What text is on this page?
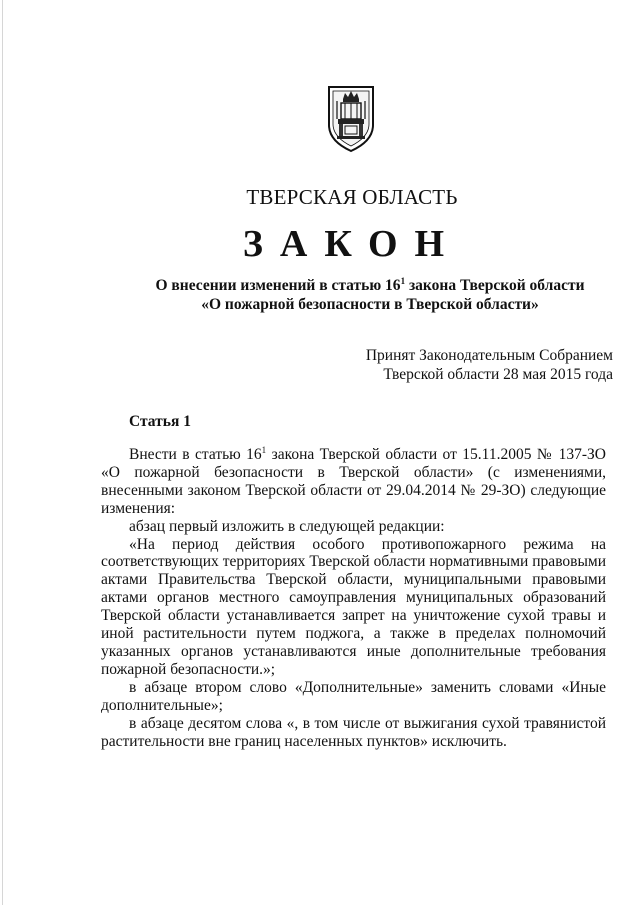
ТВЕРСКАЯ ОБЛАСТЬ
ЗАКОН
О внесении изменений в статью $16^1$ закона Тверской области
«О пожарной безопасности в Тверской области»
Принят Законодательным Собранием
Тверской области 28 мая 2015 года
Статья 1

Внести в статью $16^1$ закона Тверской области от 15.11.2005 № 137-ЗО «О пожарной безопасности в Тверской области» (с изменениями, внесенными законом Тверской области от 29.04.2014 № 29-ЗО) следующие изменения:

абзац первый изложить в следующей редакции:

«На период действия особого противопожарного режима на соответствующих территориях Тверской области нормативными правовыми актами Правительства Тверской области, муниципальными правовыми актами органов местного самоуправления муниципальных образований Тверской области устанавливается запрет на уничтожение сухой травы и иной растительности путем поджога, а также в пределах полномочий указанных органов устанавливаются иные дополнительные требования пожарной безопасности.»;

в абзаце втором слово «Дополнительные» заменить словами «Иные дополнительные»;

в абзаце десятом слова «, в том числе от выжигания сухой травянистой растительности вне границ населенных пунктов» исключить.
